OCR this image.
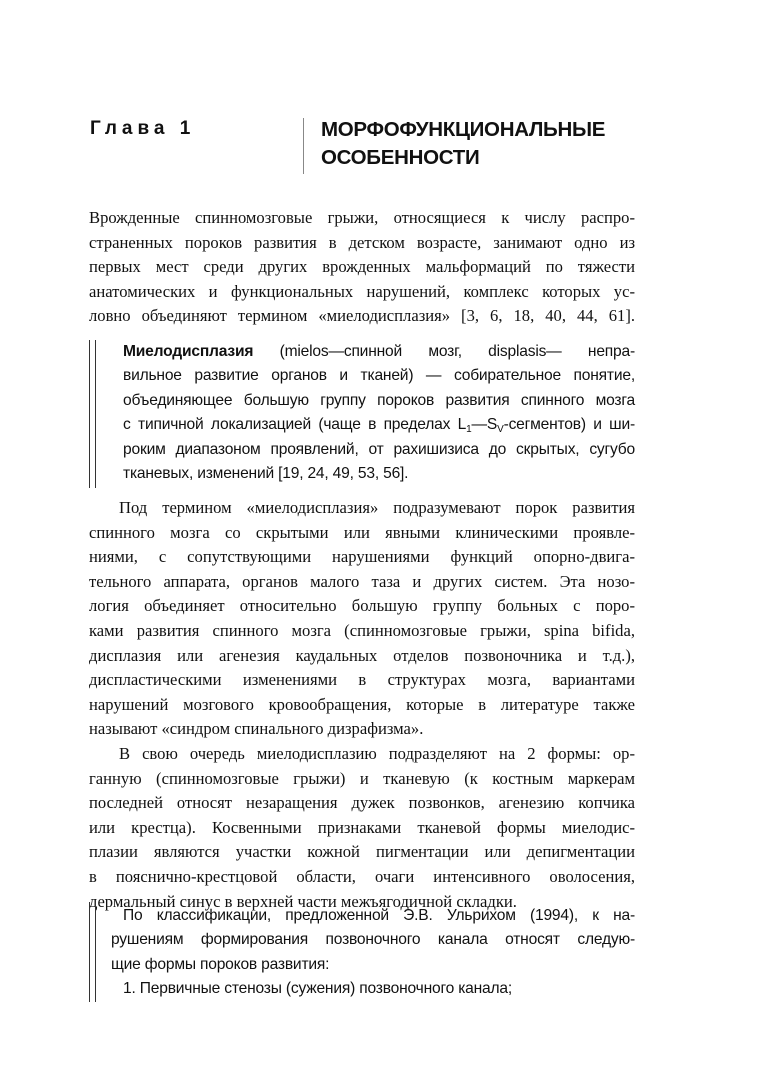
Глава 1	МОРФОФУНКЦИОНАЛЬНЫЕ
ОСОБЕННОСТИ
Врожденные спинномозговые грыжи, относящиеся к числу распро-
страненных пороков развития в детском возрасте, занимают одно из
первых мест среди других врожденных мальформаций по тяжести
анатомических и функциональных нарушений, комплекс которых ус-
ловно объединяют термином «миелодисплазия» [3, 6, 18, 40, 44, 61].
Миелодисплазия (mielos—спинной мозг, displasis— непра-
вильное развитие органов и тканей) — собирательное понятие,
объединяющее большую группу пороков развития спинного мозга
с типичной локализацией (чаще в пределах $L_1—S_V-сегментов$) и ши-
роким диапазоном проявлений, от рахишизиса до скрытых, сугубо
тканевых, изменений [19, 24, 49, 53, 56].
Под термином «миелодисплазия» подразумевают порок развития
спинного мозга со скрытыми или явными клиническими проявле-
ниями, с сопутствующими нарушениями функций опорно-двига-
тельного аппарата, органов малого таза и других систем. Эта нозо-
логия объединяет относительно большую группу больных с поро-
ками развития спинного мозга (спинномозговые грыжи, spina bifida,
дисплазия или агенезия каудальных отделов позвоночника и т.д.),
диспластическими изменениями в структурах мозга, вариантами
нарушений мозгового кровообращения, которые в литературе также
называют «синдром спинального дизрафизма».
В свою очередь миелодисплазию подразделяют на 2 формы: ор-
ганную (спинномозговые грыжи) и тканевую (к костным маркерам
последней относят незаращения дужек позвонков, агенезию копчика
или крестца). Косвенными признаками тканевой формы миелодис-
плазии являются участки кожной пигментации или депигментации
в пояснично-крестцовой области, очаги интенсивного оволосения,
дермальный синус в верхней части межъягодичной складки.
По классификации, предложенной Э.В. Ульрихом (1994), к на-
рушениям формирования позвоночного канала относят следую-
щие формы пороков развития:
1. Первичные стенозы (сужения) позвоночного канала;
